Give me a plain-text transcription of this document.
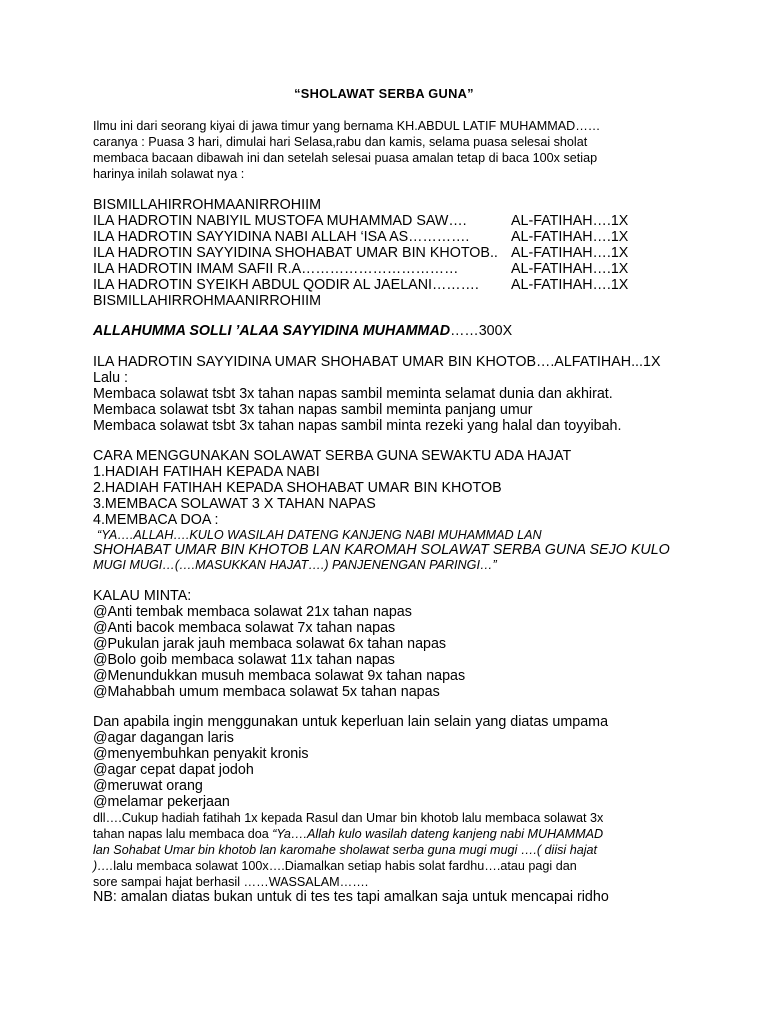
“SHOLAWAT SERBA GUNA”

Ilmu ini dari seorang kiyai di jawa timur yang bernama KH.ABDUL LATIF MUHAMMAD……

caranya : Puasa 3 hari, dimulai hari Selasa,rabu dan kamis, selama puasa selesai sholat

membaca bacaan dibawah ini dan setelah selesai puasa amalan tetap di baca 100x setiap

harinya inilah solawat nya :

BISMILLAHIRROHMAANIRROHIIM

ILA HADROTIN NABIYIL MUSTOFA MUHAMMAD SAW….	AL-FATIHAH….1X

ILA HADROTIN SAYYIDINA NABI ALLAH ‘ISA AS………….	AL-FATIHAH….1X

ILA HADROTIN SAYYIDINA SHOHABAT UMAR BIN KHOTOB.. AL-FATIHAH….1X

ILA HADROTIN IMAM SAFII R.A……………………………	AL-FATIHAH….1X

ILA HADROTIN SYEIKH ABDUL QODIR AL JAELANI………. AL-FATIHAH….1X

BISMILLAHIRROHMAANIRROHIIM

ALLAHUMMA SOLLI ’ALAA SAYYIDINA MUHAMMAD……300X

ILA HADROTIN SAYYIDINA UMAR SHOHABAT UMAR BIN KHOTOB….ALFATIHAH...1X

Lalu :

Membaca solawat tsbt 3x tahan napas sambil meminta selamat dunia dan akhirat.

Membaca solawat tsbt 3x tahan napas sambil meminta panjang umur

Membaca solawat tsbt 3x tahan napas sambil minta rezeki yang halal dan toyyibah.

CARA MENGGUNAKAN SOLAWAT SERBA GUNA SEWAKTU ADA HAJAT

1.HADIAH FATIHAH KEPADA NABI

2.HADIAH FATIHAH KEPADA SHOHABAT UMAR BIN KHOTOB

3.MEMBACA SOLAWAT 3 X TAHAN NAPAS

4.MEMBACA DOA :

“YA….ALLAH….KULO WASILAH DATENG KANJENG NABI MUHAMMAD LAN

SHOHABAT UMAR BIN KHOTOB LAN KAROMAH SOLAWAT SERBA GUNA SEJO KULO

MUGI MUGI…(….MASUKKAN HAJAT….) PANJENENGAN PARINGI…”

KALAU MINTA:

@Anti tembak membaca solawat 21x tahan napas

@Anti bacok membaca solawat 7x tahan napas

@Pukulan jarak jauh membaca solawat 6x tahan napas

@Bolo goib membaca solawat 11x tahan napas

@Menundukkan musuh membaca solawat 9x tahan napas

@Mahabbah umum membaca solawat 5x tahan napas

Dan apabila ingin menggunakan untuk keperluan lain selain yang diatas umpama

@agar dagangan laris

@menyembuhkan penyakit kronis

@agar cepat dapat jodoh

@meruwat orang

@melamar pekerjaan

dll….Cukup hadiah fatihah 1x kepada Rasul dan Umar bin khotob lalu membaca solawat 3x

tahan napas lalu membaca doa “Ya….Allah kulo wasilah dateng kanjeng nabi MUHAMMAD

lan Sohabat Umar bin khotob lan karomahe sholawat serba guna mugi mugi ….( diisi hajat

)….lalu membaca solawat 100x….Diamalkan setiap habis solat fardhu….atau pagi dan

sore sampai hajat berhasil ……WASSALAM…….

NB: amalan diatas bukan untuk di tes tes tapi amalkan saja untuk mencapai ridho
